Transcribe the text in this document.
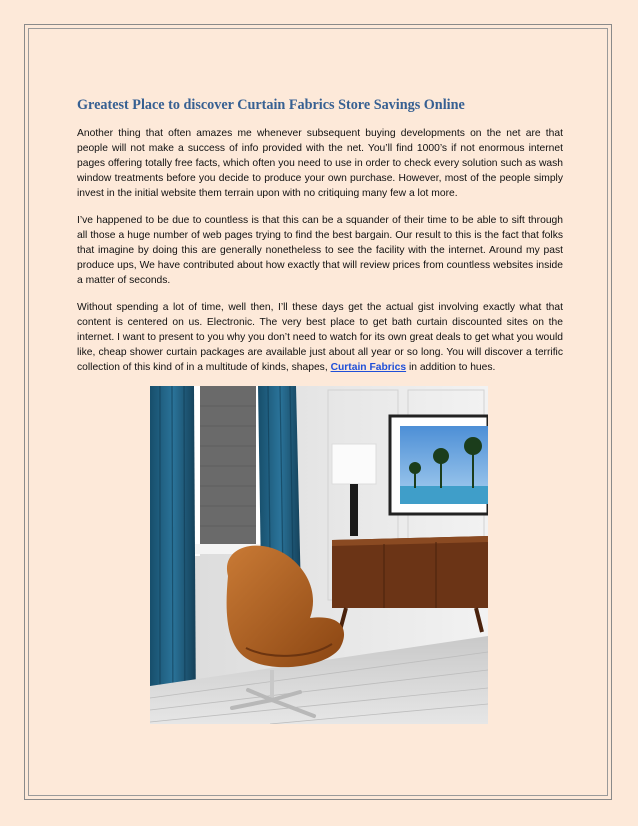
Greatest Place to discover Curtain Fabrics Store Savings Online

Another thing that often amazes me whenever subsequent buying developments on the net are that people will not make a success of info provided with the net. You’ll find 1000’s if not enormous internet pages offering totally free facts, which often you need to use in order to check every solution such as wash window treatments before you decide to produce your own purchase. However, most of the people simply invest in the initial website them terrain upon with no critiquing many few a lot more.

I’ve happened to be due to countless is that this can be a squander of their time to be able to sift through all those a huge number of web pages trying to find the best bargain. Our result to this is the fact that folks that imagine by doing this are generally nonetheless to see the facility with the internet. Around my past produce ups, We have contributed about how exactly that will review prices from countless websites inside a matter of seconds.

Without spending a lot of time, well then, I’ll these days get the actual gist involving exactly what that content is centered on us. Electronic. The very best place to get bath curtain discounted sites on the internet. I want to present to you why you don’t need to watch for its own great deals to get what you would like, cheap shower curtain packages are available just about all year or so long. You will discover a terrific collection of this kind of in a multitude of kinds, shapes, Curtain Fabrics in addition to hues.
